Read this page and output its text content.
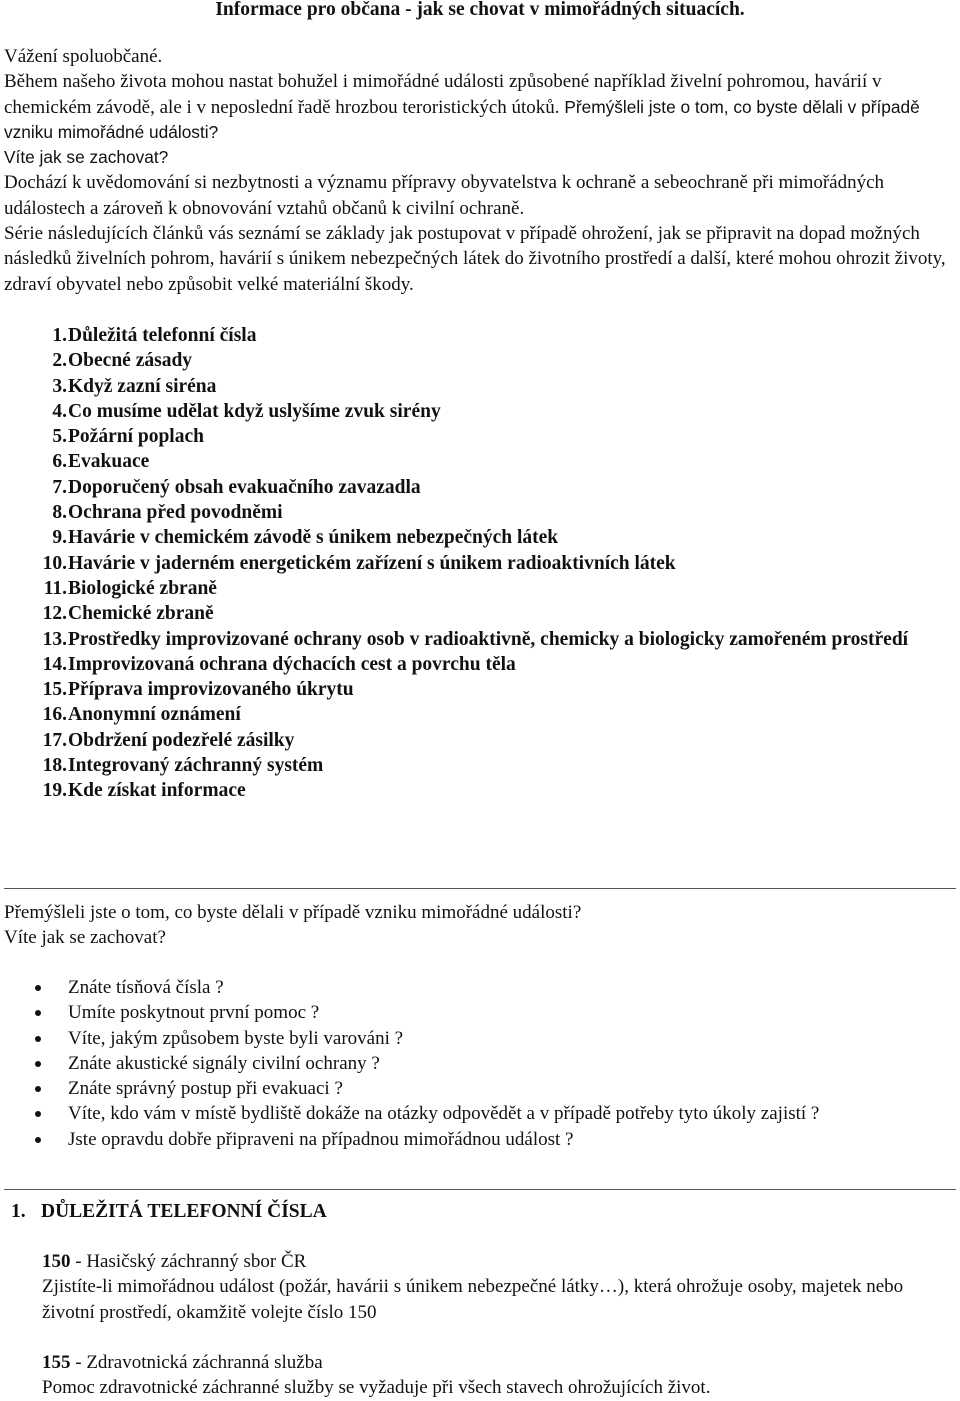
Informace pro občana - jak se chovat v mimořádných situacích.

Vážení spoluobčané.

Během našeho života mohou nastat bohužel i mimořádné události způsobené například živelní pohromou, havárií v chemickém závodě, ale i v neposlední řadě hrozbou teroristických útoků. Přemýšleli jste o tom, co byste dělali v případě vzniku mimořádné události?

Víte jak se zachovat?

Dochází k uvědomování si nezbytnosti a významu přípravy obyvatelstva k ochraně a sebeochraně při mimořádných událostech a zároveň k obnovování vztahů občanů k civilní ochraně.

Série následujících článků vás seznámí se základy jak postupovat v případě ohrožení, jak se připravit na dopad možných následků živelních pohrom, havárií s únikem nebezpečných látek do životního prostředí a další, které mohou ohrozit životy, zdraví obyvatel nebo způsobit velké materiální škody.

1. Důležitá telefonní čísla
2. Obecné zásady
3. Když zazní siréna
4. Co musíme udělat když uslyšíme zvuk sirény
5. Požární poplach
6. Evakuace
7. Doporučený obsah evakuačního zavazadla
8. Ochrana před povodněmi
9. Havárie v chemickém závodě s únikem nebezpečných látek
10. Havárie v jaderném energetickém zařízení s únikem radioaktivních látek
11. Biologické zbraně
12. Chemické zbraně
13. Prostředky improvizované ochrany osob v radioaktivně, chemicky a biologicky zamořeném prostředí
14. Improvizovaná ochrana dýchacích cest a povrchu těla
15. Příprava improvizovaného úkrytu
16. Anonymní oznámení
17. Obdržení podezřelé zásilky
18. Integrovaný záchranný systém
19. Kde získat informace

Přemýšleli jste o tom, co byste dělali v případě vzniku mimořádné události?

Víte jak se zachovat?

Znáte tísňová čísla ?
Umíte poskytnout první pomoc ?
Víte, jakým způsobem byste byli varováni ?
Znáte akustické signály civilní ochrany ?
Znáte správný postup při evakuaci ?
Víte, kdo vám v místě bydliště dokáže na otázky odpovědět a v případě potřeby tyto úkoly zajistí ?
Jste opravdu dobře připraveni na případnou mimořádnou událost ?
1. DŮLEŽITÁ TELEFONNÍ ČÍSLA

150 - Hasičský záchranný sbor ČR

Zjistíte-li mimořádnou událost (požár, havárii s únikem nebezpečné látky…), která ohrožuje osoby, majetek nebo životní prostředí, okamžitě volejte číslo 150

155 - Zdravotnická záchranná služba

Pomoc zdravotnické záchranné služby se vyžaduje při všech stavech ohrožujících život.
